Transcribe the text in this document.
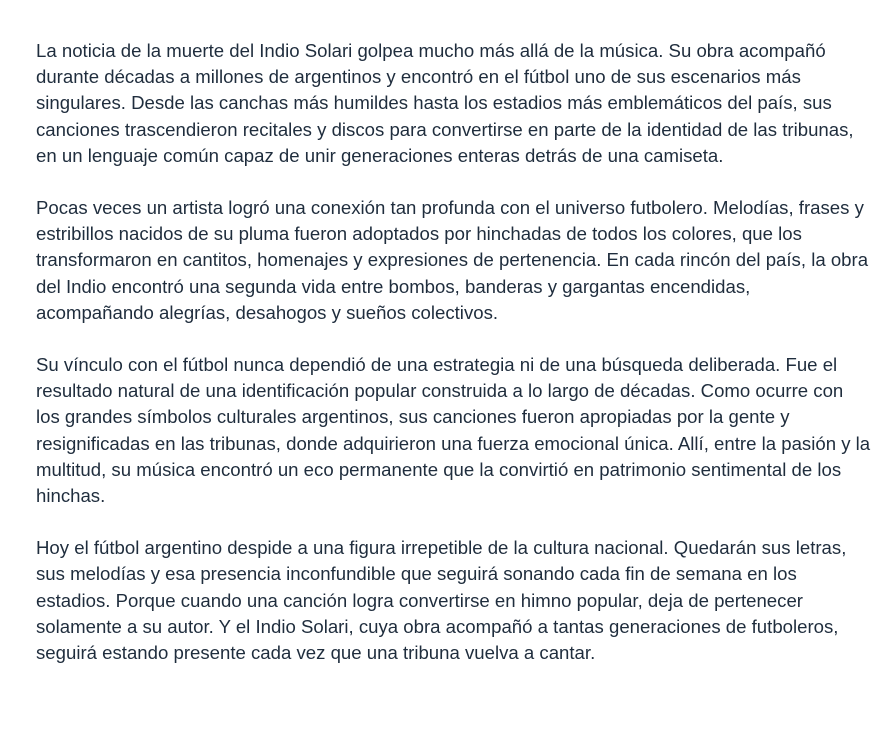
La noticia de la muerte del Indio Solari golpea mucho más allá de la música. Su obra acompañó durante décadas a millones de argentinos y encontró en el fútbol uno de sus escenarios más singulares. Desde las canchas más humildes hasta los estadios más emblemáticos del país, sus canciones trascendieron recitales y discos para convertirse en parte de la identidad de las tribunas, en un lenguaje común capaz de unir generaciones enteras detrás de una camiseta.

Pocas veces un artista logró una conexión tan profunda con el universo futbolero. Melodías, frases y estribillos nacidos de su pluma fueron adoptados por hinchadas de todos los colores, que los transformaron en cantitos, homenajes y expresiones de pertenencia. En cada rincón del país, la obra del Indio encontró una segunda vida entre bombos, banderas y gargantas encendidas, acompañando alegrías, desahogos y sueños colectivos.

Su vínculo con el fútbol nunca dependió de una estrategia ni de una búsqueda deliberada. Fue el resultado natural de una identificación popular construida a lo largo de décadas. Como ocurre con los grandes símbolos culturales argentinos, sus canciones fueron apropiadas por la gente y resignificadas en las tribunas, donde adquirieron una fuerza emocional única. Allí, entre la pasión y la multitud, su música encontró un eco permanente que la convirtió en patrimonio sentimental de los hinchas.

Hoy el fútbol argentino despide a una figura irrepetible de la cultura nacional. Quedarán sus letras, sus melodías y esa presencia inconfundible que seguirá sonando cada fin de semana en los estadios. Porque cuando una canción logra convertirse en himno popular, deja de pertenecer solamente a su autor. Y el Indio Solari, cuya obra acompañó a tantas generaciones de futboleros, seguirá estando presente cada vez que una tribuna vuelva a cantar.
